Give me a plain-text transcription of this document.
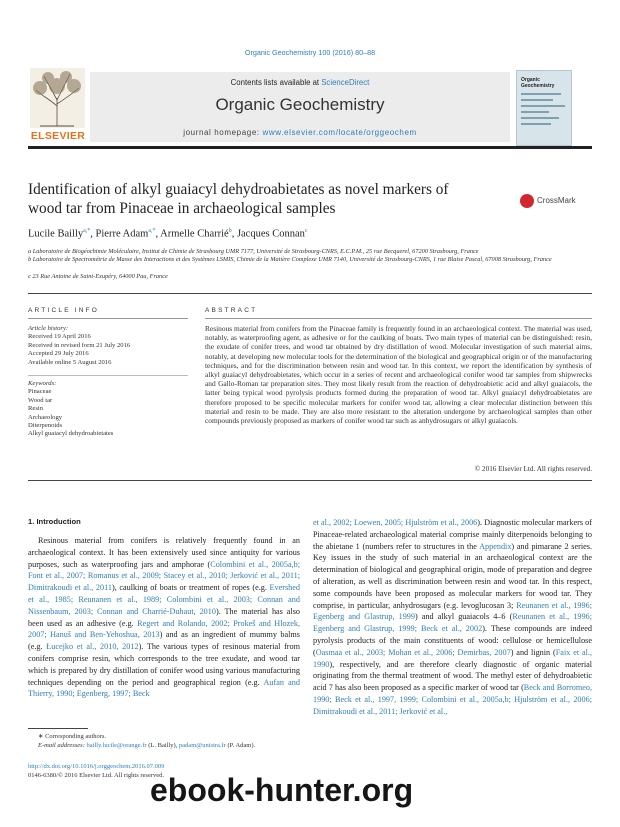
Organic Geochemistry 100 (2016) 80–88
Contents lists available at ScienceDirect
Organic Geochemistry
journal homepage: www.elsevier.com/locate/orggeochem
ELSEVIER
Organic
Geochemistry
Identification of alkyl guaiacyl dehydroabietates as novel markers of wood tar from Pinaceae in archaeological samples	CrossMark
Lucile Bailly$^{a,*}$, Pierre Adam$^{a,*}$, Armelle Charrié$^b$, Jacques Connan$^c$
a Laboratoire de Biogéochimie Moléculaire, Institut de Chimie de Strasbourg UMR 7177, Université de Strasbourg-CNRS, E.C.P.M., 25 rue Becquerel, 67200 Strasbourg, France
b Laboratoire de Spectrométrie de Masse des Interactions et des Systèmes LSMIS, Chimie de la Matière Complexe UMR 7140, Université de Strasbourg-CNRS, 1 rue Blaise Pascal, 67008 Strasbourg, France
c 23 Rue Antoine de Saint-Exupéry, 64000 Pau, France
ARTICLE INFO
Article history:
Received 19 April 2016
Received in revised form 21 July 2016
Accepted 29 July 2016
Available online 5 August 2016
Keywords:
Pinaceae
Wood tar
Resin
Archaeology
Diterpenoids
Alkyl guaiacyl dehydroabietates
ABSTRACT
Resinous material from conifers from the Pinaceae family is frequently found in an archaeological context. The material was used, notably, as waterproofing agent, as adhesive or for the caulking of boats. Two main types of material can be distinguished: resin, the exudate of conifer trees, and wood tar obtained by dry distillation of wood. Molecular investigation of such material aims, notably, at developing new molecular tools for the determination of the biological and geographical origin or of the manufacturing techniques, and for the discrimination between resin and wood tar. In this context, we report the identification by synthesis of alkyl guaiacyl dehydroabietates, which occur in a series of recent and archaeological conifer wood tar samples from shipwrecks and Gallo-Roman tar preparation sites. They most likely result from the reaction of dehydroabietic acid and alkyl guaiacols, the latter being typical wood pyrolysis products formed during the preparation of wood tar. Alkyl guaiacyl dehydroabietates are therefore proposed to be specific molecular markers for conifer wood tar, allowing a clear molecular distinction between this material and resin to be made. They are also more resistant to the alteration undergone by archaeological samples than other compounds previously proposed as markers of conifer wood tar such as anhydrosugars or alkyl guaiacols.
© 2016 Elsevier Ltd. All rights reserved.
1. Introduction
Resinous material from conifers is relatively frequently found in an archaeological context. It has been extensively used since antiquity for various purposes, such as waterproofing jars and amphorae (Colombini et al., 2005a,b; Font et al., 2007; Romanus et al., 2009; Stacey et al., 2010; Jerković et al., 2011; Dimitrakoudi et al., 2011), caulking of boats or treatment of ropes (e.g. Evershed et al., 1985; Reunanen et al., 1989; Colombini et al., 2003; Connan and Nissenbaum, 2003; Connan and Charrié-Duhaut, 2010). The material has also been used as an adhesive (e.g. Regert and Rolando, 2002; Prokeš and Hlozek, 2007; Hanuš and Ben-Yehoshua, 2013) and as an ingredient of mummy balms (e.g. Łucejko et al., 2010, 2012). The various types of resinous material from conifers comprise resin, which corresponds to the tree exudate, and wood tar which is prepared by dry distillation of conifer wood using various manufacturing techniques depending on the period and geographical region (e.g. Aufan and Thierry, 1990; Egenberg, 1997; Beck
et al., 2002; Loewen, 2005; Hjulström et al., 2006). Diagnostic molecular markers of Pinaceae-related archaeological material comprise mainly diterpenoids belonging to the abietane 1 (numbers refer to structures in the Appendix) and pimarane 2 series. Key issues in the study of such material in an archaeological context are the determination of biological and geographical origin, mode of preparation and degree of alteration, as well as discrimination between resin and wood tar. In this respect, some compounds have been proposed as molecular markers for wood tar. They comprise, in particular, anhydrosugars (e.g. levoglucosan 3; Reunanen et al., 1996; Egenberg and Glastrup, 1999) and alkyl guaiacols 4–6 (Reunanen et al., 1996; Egenberg and Glastrup, 1999; Beck et al., 2002). These compounds are indeed pyrolysis products of the main constituents of wood: cellulose or hemicellulose (Oasmaa et al., 2003; Mohan et al., 2006; Demirbas, 2007) and lignin (Faix et al., 1990), respectively, and are therefore clearly diagnostic of organic material originating from the thermal treatment of wood. The methyl ester of dehydroabietic acid 7 has also been proposed as a specific marker of wood tar (Beck and Borromeo, 1990; Beck et al., 1997, 1999; Colombini et al., 2005a,b; Hjulström et al., 2006; Dimitrakoudi et al., 2011; Jerković et al.,
∗ Corresponding authors.
E-mail addresses: bailly.lucile@orange.fr (L. Bailly), padam@unistra.fr (P. Adam).
http://dx.doi.org/10.1016/j.orggeochem.2016.07.009
0146-6380/© 2016 Elsevier Ltd. All rights reserved.
ebook-hunter.org
